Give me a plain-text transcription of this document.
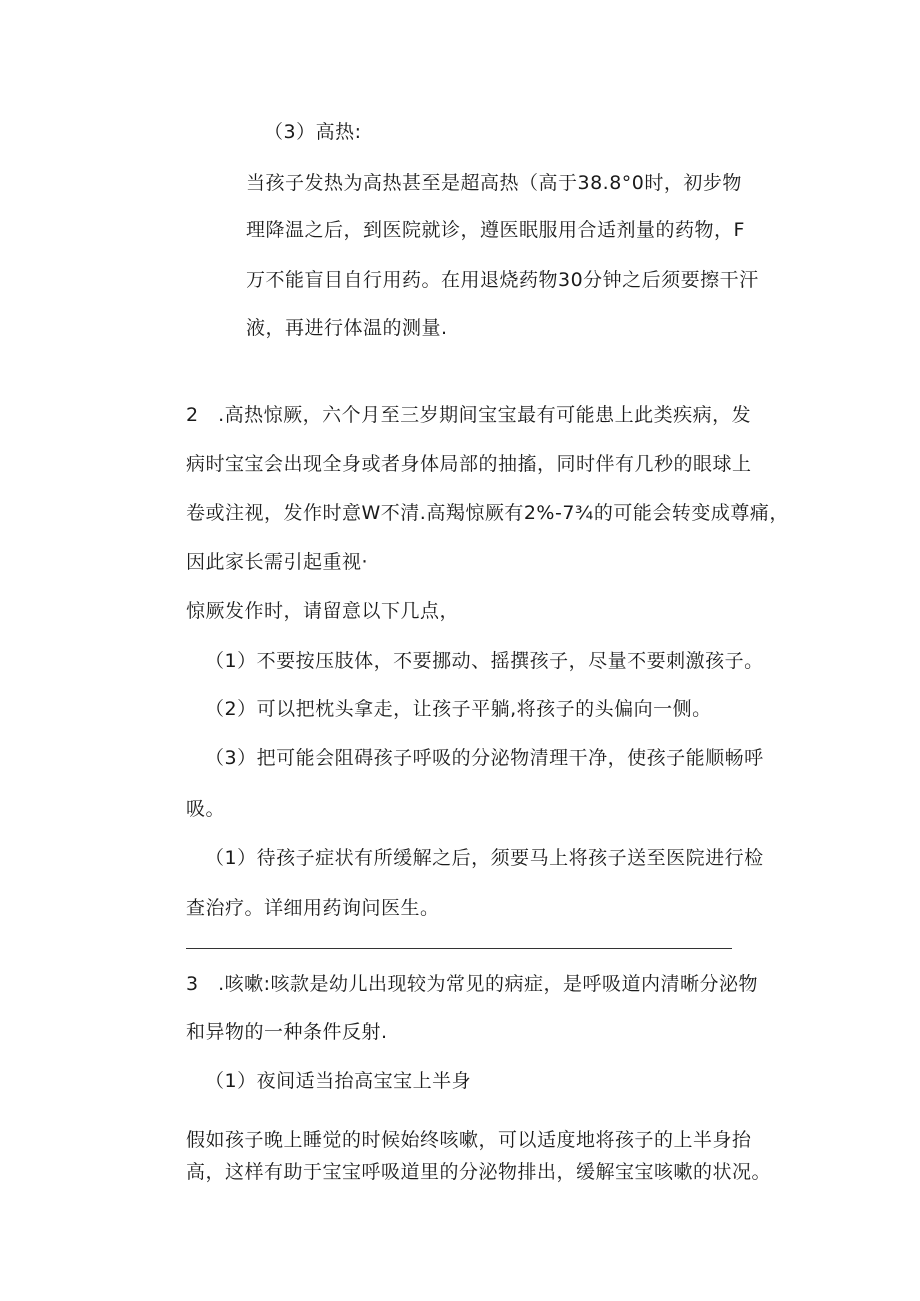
（3）高热:

当孩子发热为高热甚至是超高热（高于38.8°0时，初步物

理降温之后，到医院就诊，遵医眠服用合适剂量的药物，F

万不能盲目自行用药。在用退烧药物30分钟之后须要擦干汗

液，再进行体温的测量.

2　.高热惊厥，六个月至三岁期间宝宝最有可能患上此类疾病，发

病时宝宝会出现全身或者身体局部的抽搐，同时伴有几秒的眼球上

卷或注视，发作时意W不清.高羯惊厥有2%-7¾的可能会转变成尊痛，

因此家长需引起重视·

惊厥发作时，请留意以下几点，

（1）不要按压肢体，不要挪动、摇撰孩子，尽量不要刺激孩子。

（2）可以把枕头拿走，让孩子平躺,将孩子的头偏向一侧。

（3）把可能会阻碍孩子呼吸的分泌物清理干净，使孩子能顺畅呼

吸。

（1）待孩子症状有所缓解之后，须要马上将孩子送至医院进行检

查治疗。详细用药询问医生。

3　.咳嗽:咳款是幼儿出现较为常见的病症，是呼吸道内清晰分泌物

和异物的一种条件反射.

（1）夜间适当抬高宝宝上半身

假如孩子晚上睡觉的时候始终咳嗽，可以适度地将孩子的上半身抬

高，这样有助于宝宝呼吸道里的分泌物排出，缓解宝宝咳嗽的状况。
